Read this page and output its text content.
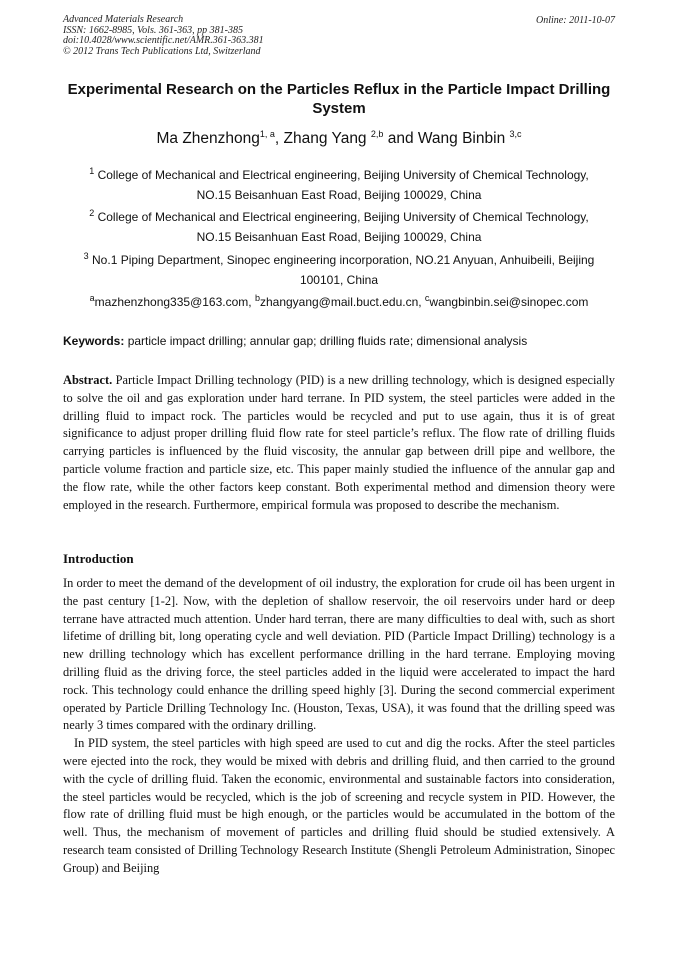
Advanced Materials Research
ISSN: 1662-8985, Vols. 361-363, pp 381-385
doi:10.4028/www.scientific.net/AMR.361-363.381
© 2012 Trans Tech Publications Ltd, Switzerland
Online: 2011-10-07
Experimental Research on the Particles Reflux in the Particle Impact Drilling System
Ma Zhenzhong$^{1, a}$, Zhang Yang $^{2,b}$ and Wang Binbin $^{3,c}$
$^1$ College of Mechanical and Electrical engineering, Beijing University of Chemical Technology,
NO.15 Beisanhuan East Road, Beijing 100029, China
$^2$ College of Mechanical and Electrical engineering, Beijing University of Chemical Technology,
NO.15 Beisanhuan East Road, Beijing 100029, China
$^3$ No.1 Piping Department, Sinopec engineering incorporation, NO.21 Anyuan, Anhuibeili, Beijing
100101, China
$^a$mazhenzhong335@163.com, $^b$zhangyang@mail.buct.edu.cn, $^c$wangbinbin.sei@sinopec.com
Keywords: particle impact drilling; annular gap; drilling fluids rate; dimensional analysis
Abstract. Particle Impact Drilling technology (PID) is a new drilling technology, which is designed especially to solve the oil and gas exploration under hard terrane. In PID system, the steel particles were added in the drilling fluid to impact rock. The particles would be recycled and put to use again, thus it is of great significance to adjust proper drilling fluid flow rate for steel particle’s reflux. The flow rate of drilling fluids carrying particles is influenced by the fluid viscosity, the annular gap between drill pipe and wellbore, the particle volume fraction and particle size, etc. This paper mainly studied the influence of the annular gap and the flow rate, while the other factors keep constant. Both experimental method and dimension theory were employed in the research. Furthermore, empirical formula was proposed to describe the mechanism.
Introduction
In order to meet the demand of the development of oil industry, the exploration for crude oil has been urgent in the past century [1-2]. Now, with the depletion of shallow reservoir, the oil reservoirs under hard or deep terrane have attracted much attention. Under hard terran, there are many difficulties to deal with, such as short lifetime of drilling bit, long operating cycle and well deviation. PID (Particle Impact Drilling) technology is a new drilling technology which has excellent performance drilling in the hard terrane. Employing moving drilling fluid as the driving force, the steel particles added in the liquid were accelerated to impact the hard rock. This technology could enhance the drilling speed highly [3]. During the second commercial experiment operated by Particle Drilling Technology Inc. (Houston, Texas, USA), it was found that the drilling speed was nearly 3 times compared with the ordinary drilling.
In PID system, the steel particles with high speed are used to cut and dig the rocks. After the steel particles were ejected into the rock, they would be mixed with debris and drilling fluid, and then carried to the ground with the cycle of drilling fluid. Taken the economic, environmental and sustainable factors into consideration, the steel particles would be recycled, which is the job of screening and recycle system in PID. However, the flow rate of drilling fluid must be high enough, or the particles would be accumulated in the bottom of the well. Thus, the mechanism of movement of particles and drilling fluid should be studied extensively. A research team consisted of Drilling Technology Research Institute (Shengli Petroleum Administration, Sinopec Group) and Beijing
